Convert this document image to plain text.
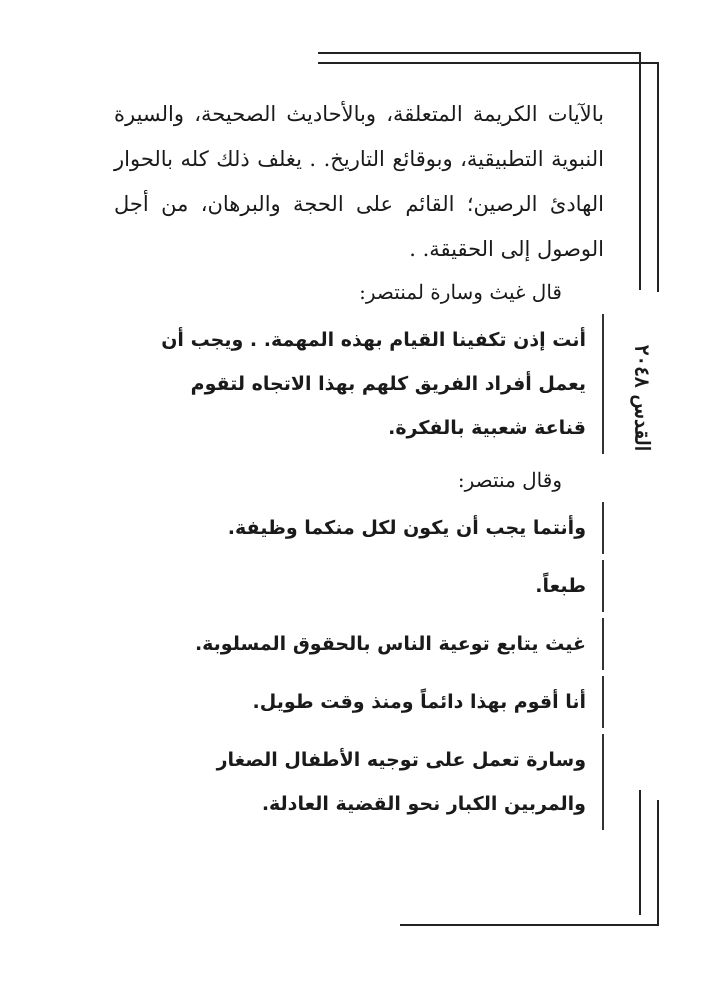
القدس ٢٠٤٨

بالآيات الكريمة المتعلقة، وبالأحاديث الصحيحة، والسيرة النبوية التطبيقية، وبوقائع التاريخ. . يغلف ذلك كله بالحوار الهادئ الرصين؛ القائم على الحجة والبرهان، من أجل الوصول إلى الحقيقة. .

قال غيث وسارة لمنتصر:

أنت إذن تكفينا القيام بهذه المهمة. . ويجب أن يعمل أفراد الفريق كلهم بهذا الاتجاه لتقوم قناعة شعبية بالفكرة.

وقال منتصر:

وأنتما يجب أن يكون لكل منكما وظيفة.

طبعاً.

غيث يتابع توعية الناس بالحقوق المسلوبة.

أنا أقوم بهذا دائماً ومنذ وقت طويل.

وسارة تعمل على توجيه الأطفال الصغار والمربين الكبار نحو القضية العادلة.
